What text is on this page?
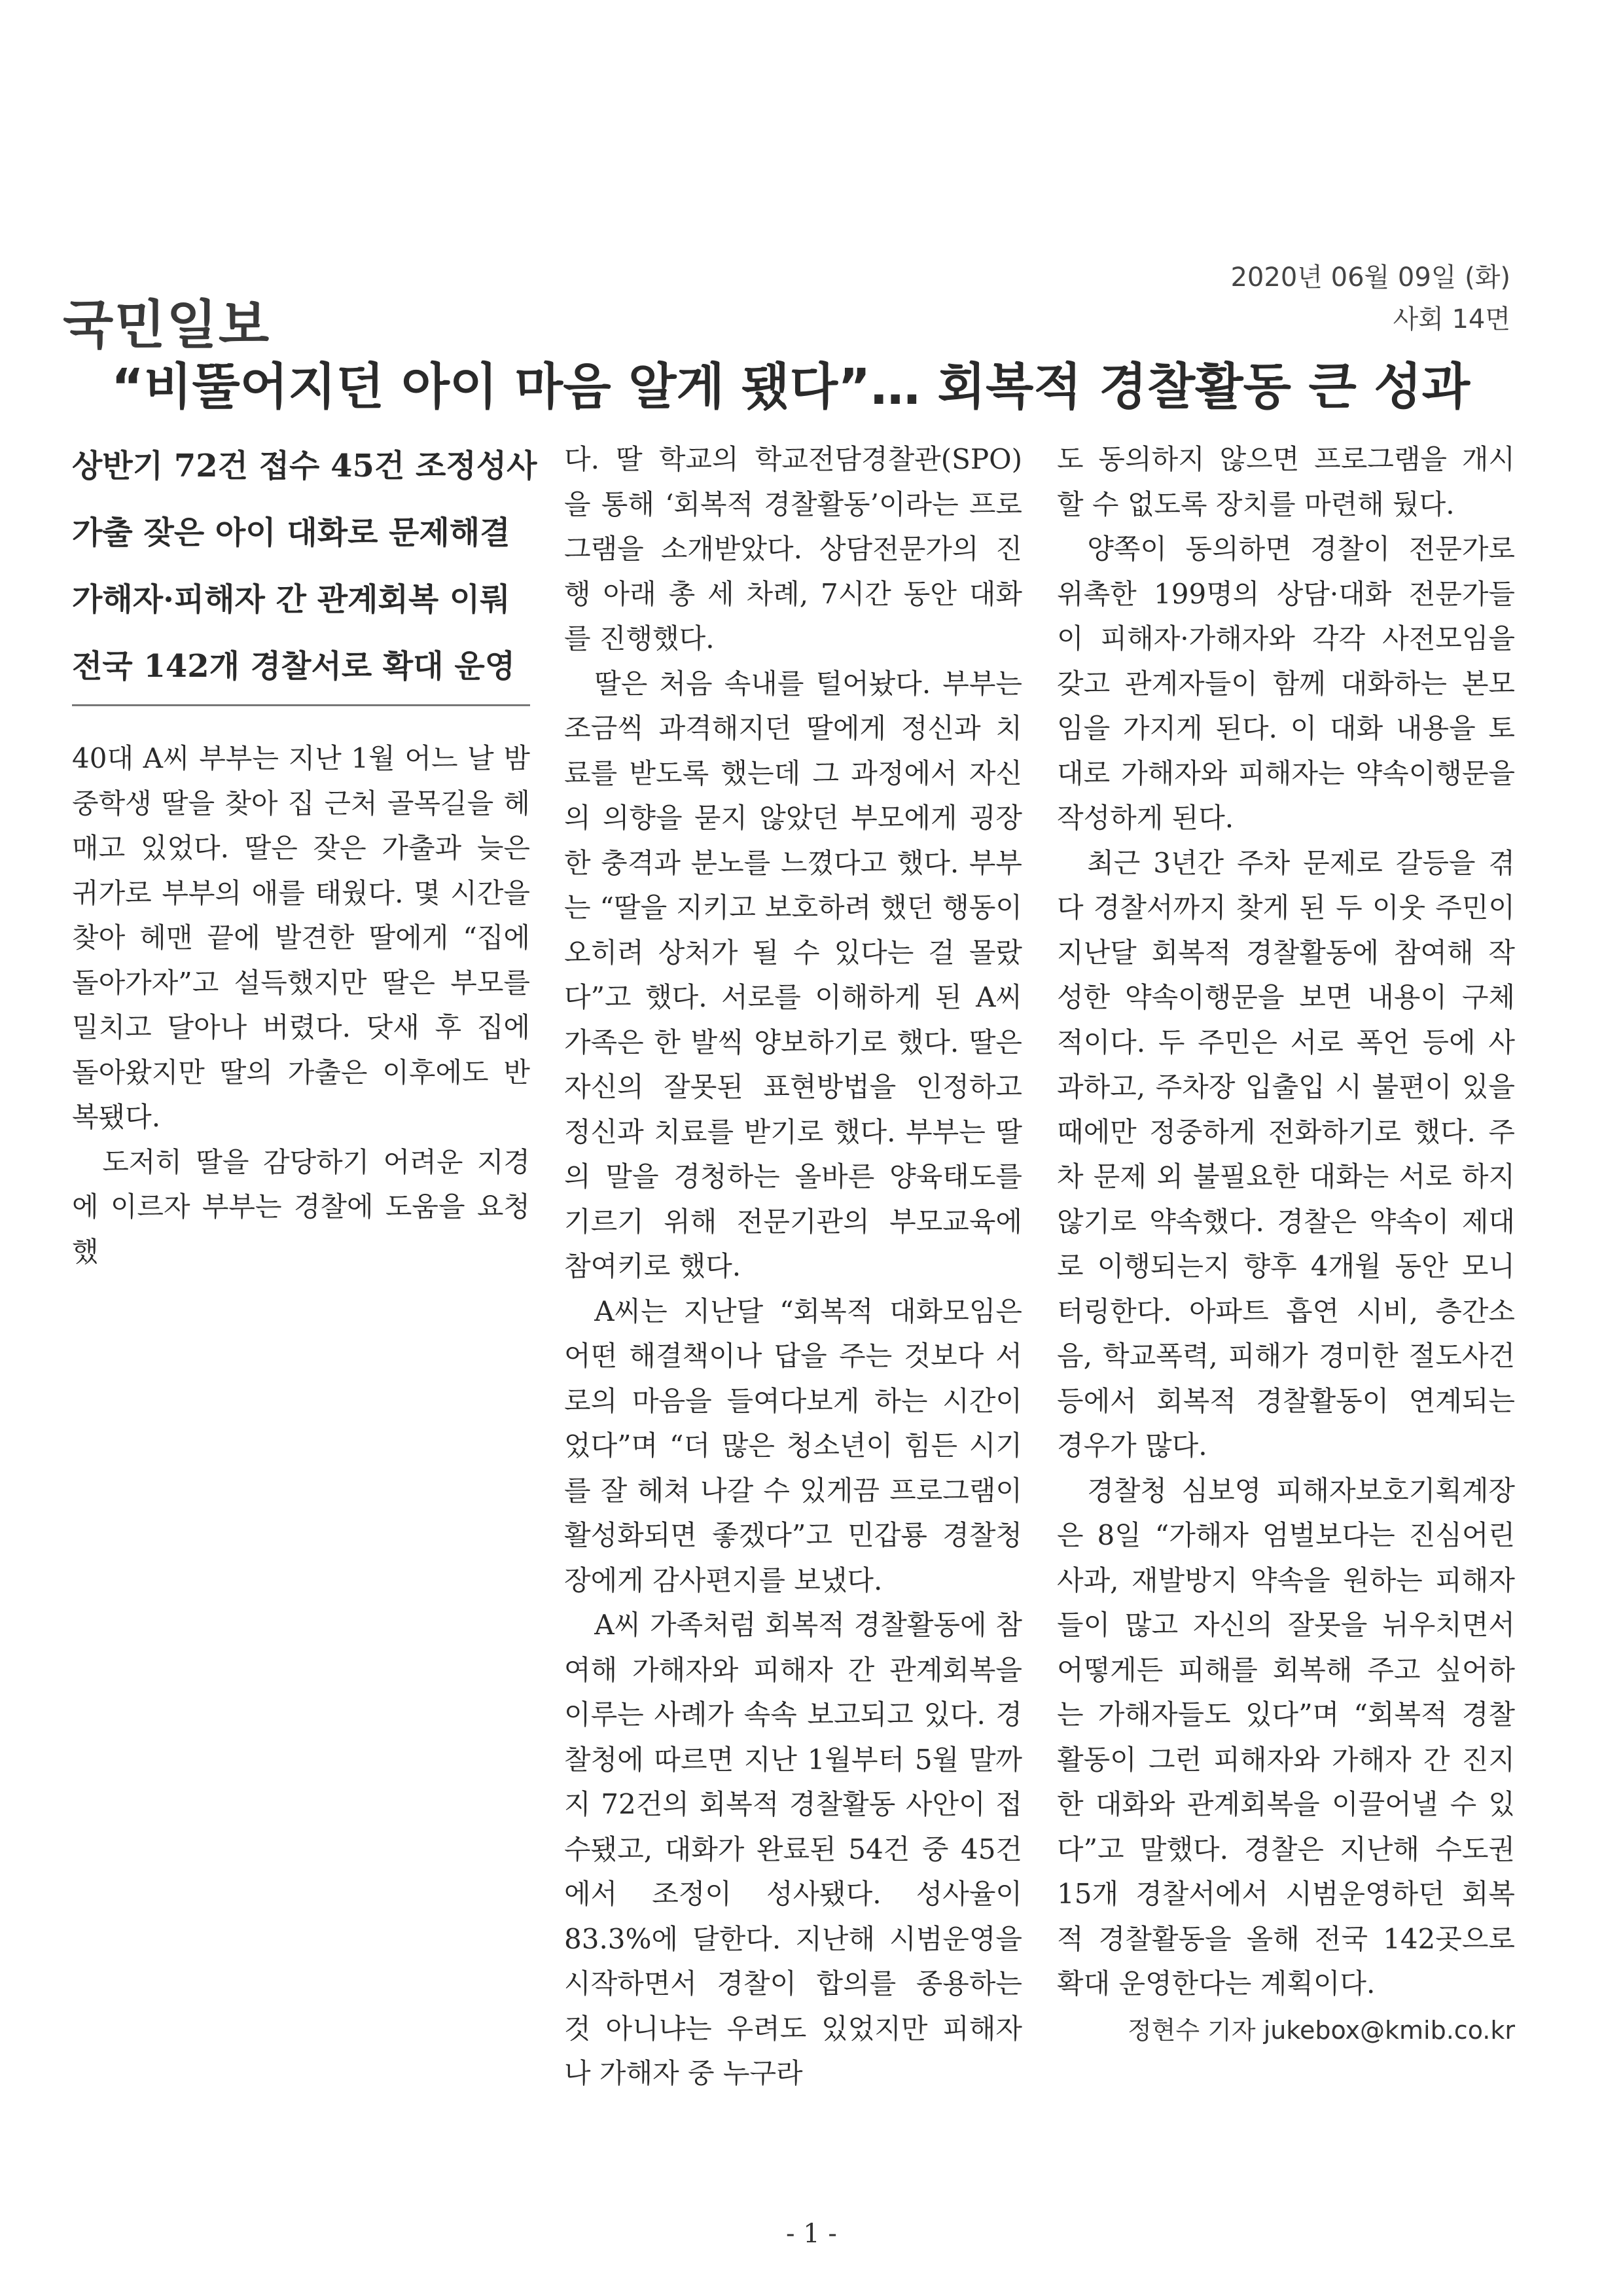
2020년 06월 09일 (화)
사회 14면
국민일보
“비뚤어지던 아이 마음 알게 됐다”… 회복적 경찰활동 큰 성과

상반기 72건 접수 45건 조정성사

가출 잦은 아이 대화로 문제해결

가해자·피해자 간 관계회복 이뤄

전국 142개 경찰서로 확대 운영

40대 A씨 부부는 지난 1월 어느 날 밤 중학생 딸을 찾아 집 근처 골목길을 헤매고 있었다. 딸은 잦은 가출과 늦은 귀가로 부부의 애를 태웠다. 몇 시간을 찾아 헤맨 끝에 발견한 딸에게 “집에 돌아가자”고 설득했지만 딸은 부모를 밀치고 달아나 버렸다. 닷새 후 집에 돌아왔지만 딸의 가출은 이후에도 반복됐다.

도저히 딸을 감당하기 어려운 지경에 이르자 부부는 경찰에 도움을 요청했

다. 딸 학교의 학교전담경찰관(SPO)을 통해 ‘회복적 경찰활동’이라는 프로그램을 소개받았다. 상담전문가의 진행 아래 총 세 차례, 7시간 동안 대화를 진행했다.

딸은 처음 속내를 털어놨다. 부부는 조금씩 과격해지던 딸에게 정신과 치료를 받도록 했는데 그 과정에서 자신의 의향을 묻지 않았던 부모에게 굉장한 충격과 분노를 느꼈다고 했다. 부부는 “딸을 지키고 보호하려 했던 행동이 오히려 상처가 될 수 있다는 걸 몰랐다”고 했다. 서로를 이해하게 된 A씨 가족은 한 발씩 양보하기로 했다. 딸은 자신의 잘못된 표현방법을 인정하고 정신과 치료를 받기로 했다. 부부는 딸의 말을 경청하는 올바른 양육태도를 기르기 위해 전문기관의 부모교육에 참여키로 했다.

A씨는 지난달 “회복적 대화모임은 어떤 해결책이나 답을 주는 것보다 서로의 마음을 들여다보게 하는 시간이었다”며 “더 많은 청소년이 힘든 시기를 잘 헤쳐 나갈 수 있게끔 프로그램이 활성화되면 좋겠다”고 민갑룡 경찰청장에게 감사편지를 보냈다.

A씨 가족처럼 회복적 경찰활동에 참여해 가해자와 피해자 간 관계회복을 이루는 사례가 속속 보고되고 있다. 경찰청에 따르면 지난 1월부터 5월 말까지 72건의 회복적 경찰활동 사안이 접수됐고, 대화가 완료된 54건 중 45건에서 조정이 성사됐다. 성사율이 83.3%에 달한다. 지난해 시범운영을 시작하면서 경찰이 합의를 종용하는 것 아니냐는 우려도 있었지만 피해자나 가해자 중 누구라

도 동의하지 않으면 프로그램을 개시할 수 없도록 장치를 마련해 뒀다.

양쪽이 동의하면 경찰이 전문가로 위촉한 199명의 상담·대화 전문가들이 피해자·가해자와 각각 사전모임을 갖고 관계자들이 함께 대화하는 본모임을 가지게 된다. 이 대화 내용을 토대로 가해자와 피해자는 약속이행문을 작성하게 된다.

최근 3년간 주차 문제로 갈등을 겪다 경찰서까지 찾게 된 두 이웃 주민이 지난달 회복적 경찰활동에 참여해 작성한 약속이행문을 보면 내용이 구체적이다. 두 주민은 서로 폭언 등에 사과하고, 주차장 입출입 시 불편이 있을 때에만 정중하게 전화하기로 했다. 주차 문제 외 불필요한 대화는 서로 하지 않기로 약속했다. 경찰은 약속이 제대로 이행되는지 향후 4개월 동안 모니터링한다. 아파트 흡연 시비, 층간소음, 학교폭력, 피해가 경미한 절도사건 등에서 회복적 경찰활동이 연계되는 경우가 많다.

경찰청 심보영 피해자보호기획계장은 8일 “가해자 엄벌보다는 진심어린 사과, 재발방지 약속을 원하는 피해자들이 많고 자신의 잘못을 뉘우치면서 어떻게든 피해를 회복해 주고 싶어하는 가해자들도 있다”며 “회복적 경찰활동이 그런 피해자와 가해자 간 진지한 대화와 관계회복을 이끌어낼 수 있다”고 말했다. 경찰은 지난해 수도권 15개 경찰서에서 시범운영하던 회복적 경찰활동을 올해 전국 142곳으로 확대 운영한다는 계획이다.

정현수 기자 jukebox@kmib.co.kr
- 1 -
